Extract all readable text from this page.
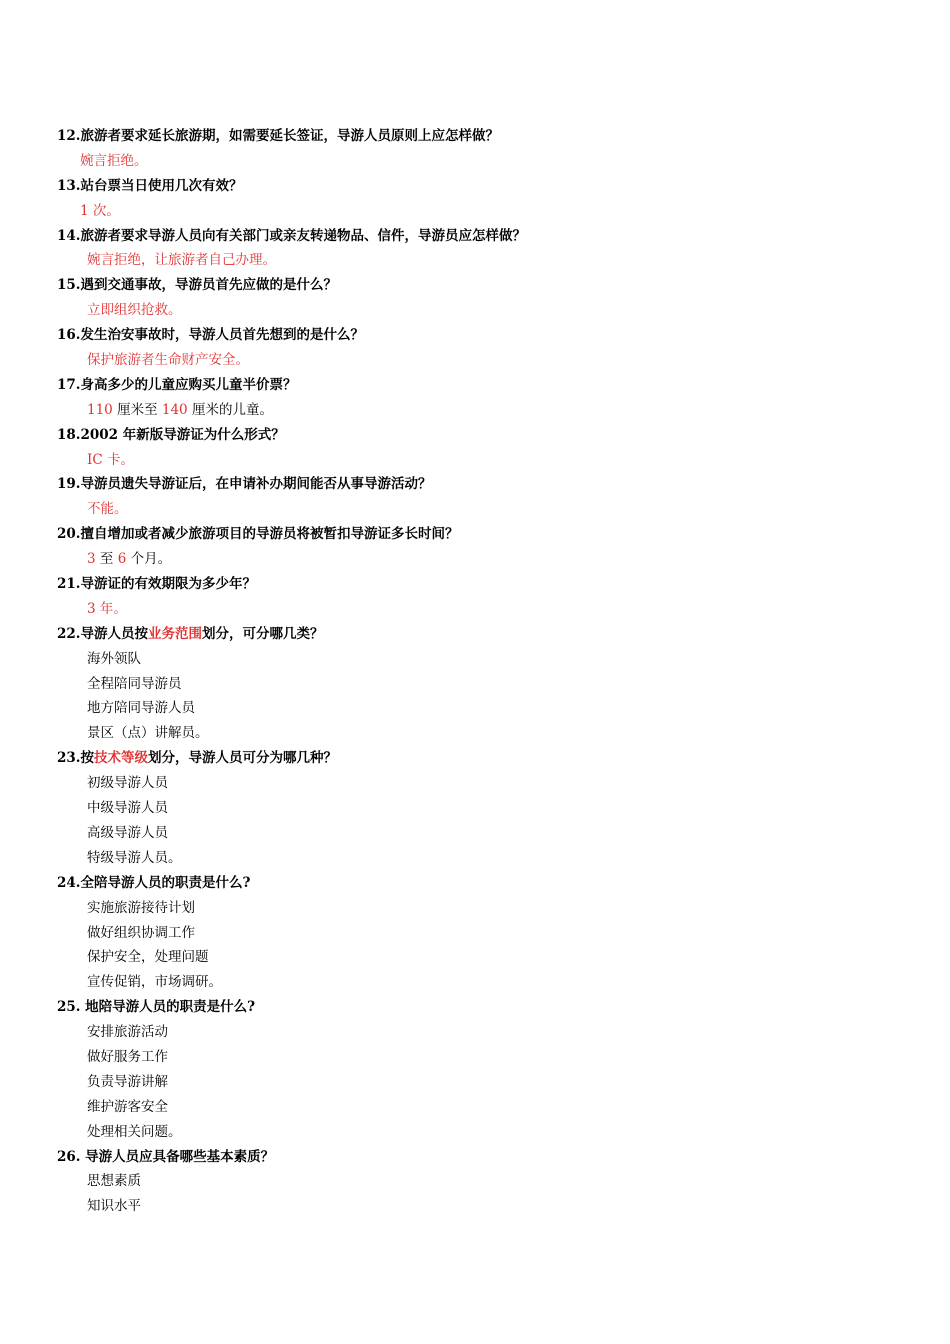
12.旅游者要求延长旅游期，如需要延长签证，导游人员原则上应怎样做？
婉言拒绝。
13.站台票当日使用几次有效？
1 次。
14.旅游者要求导游人员向有关部门或亲友转递物品、信件，导游员应怎样做？
婉言拒绝，让旅游者自己办理。
15.遇到交通事故，导游员首先应做的是什么？
立即组织抢救。
16.发生治安事故时，导游人员首先想到的是什么？
保护旅游者生命财产安全。
17.身高多少的儿童应购买儿童半价票？
110 厘米至 140 厘米的儿童。
18.2002 年新版导游证为什么形式？
IC 卡。
19.导游员遗失导游证后，在申请补办期间能否从事导游活动？
不能。
20.擅自增加或者减少旅游项目的导游员将被暂扣导游证多长时间？
3 至 6 个月。
21.导游证的有效期限为多少年？
3 年。
22.导游人员按业务范围划分，可分哪几类？
海外领队
全程陪同导游员
地方陪同导游人员
景区（点）讲解员。
23.按技术等级划分，导游人员可分为哪几种？
初级导游人员
中级导游人员
高级导游人员
特级导游人员。
24.全陪导游人员的职责是什么?
实施旅游接待计划
做好组织协调工作
保护安全，处理问题
宣传促销，市场调研。
25. 地陪导游人员的职责是什么?
安排旅游活动
做好服务工作
负责导游讲解
维护游客安全
处理相关问题。
26. 导游人员应具备哪些基本素质？
思想素质
知识水平
